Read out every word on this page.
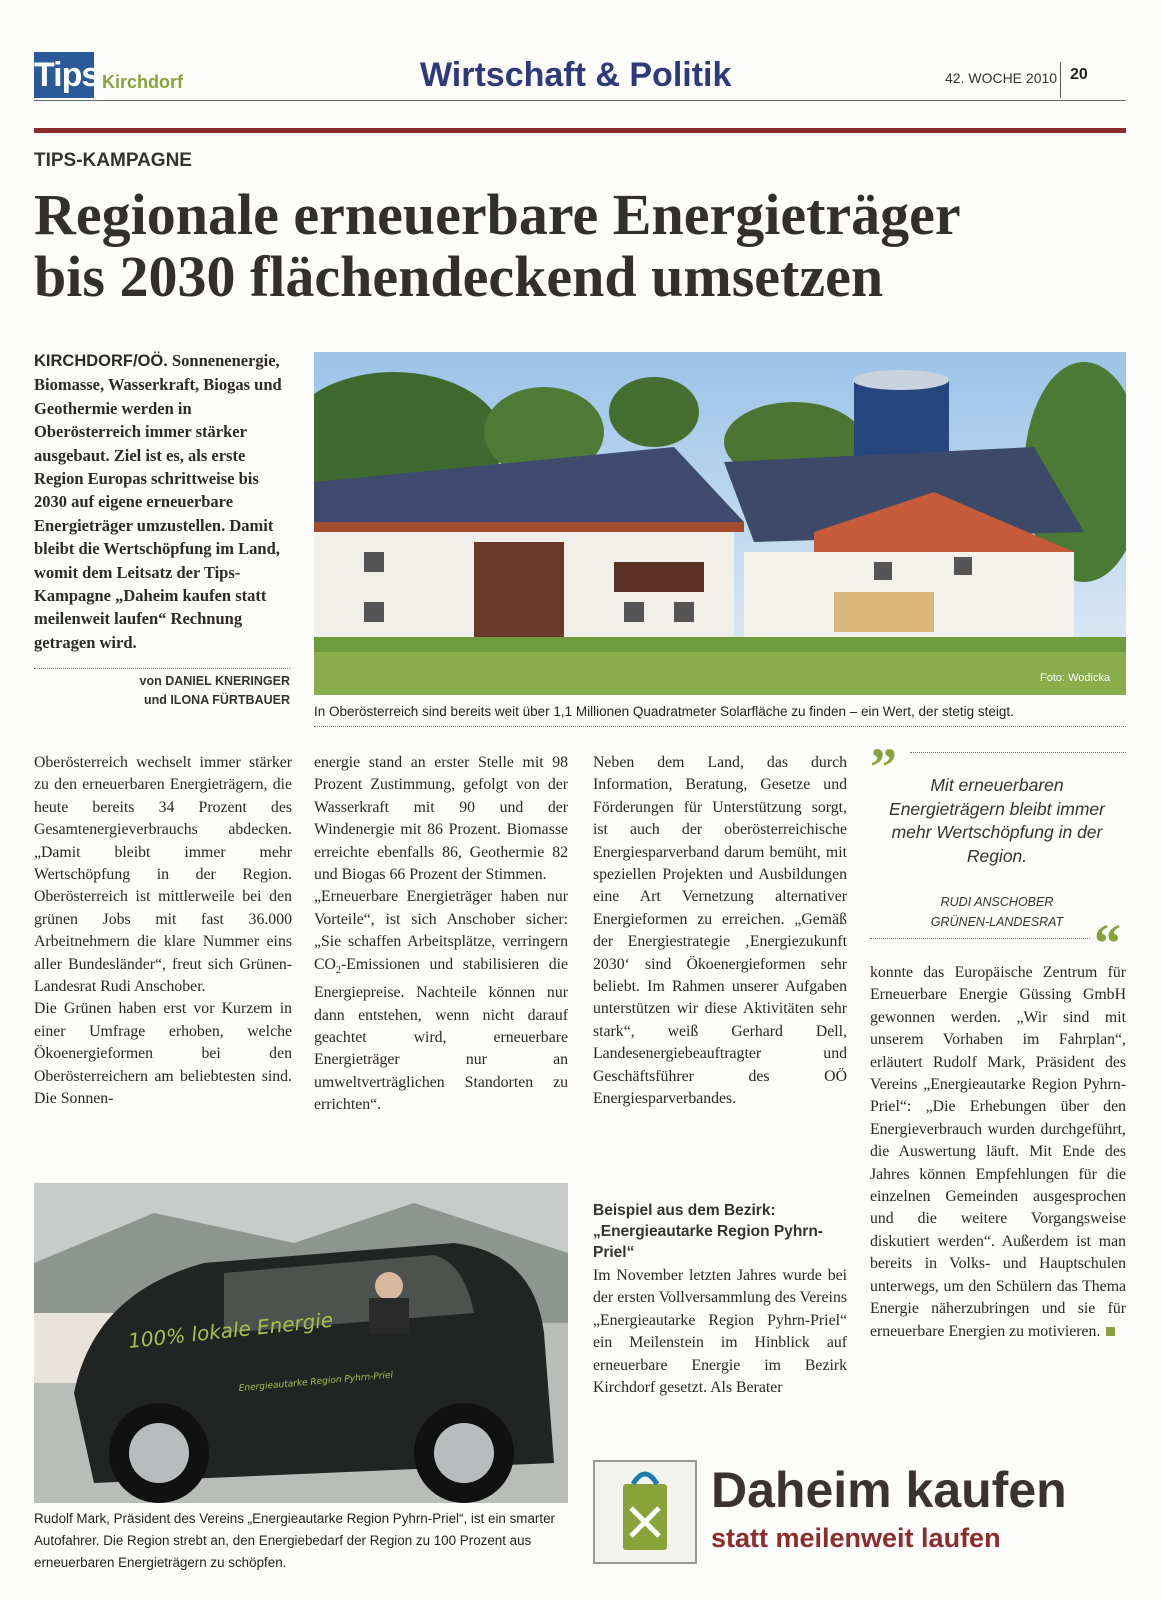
Tips Kirchdorf	Wirtschaft & Politik	42. WOCHE 2010 20
TIPS-KAMPAGNE
Regionale erneuerbare Energieträger
bis 2030 flächendeckend umsetzen
KIRCHDORF/OÖ. Sonnenenergie, Biomasse, Wasserkraft, Biogas und Geothermie werden in Oberösterreich immer stärker ausgebaut. Ziel ist es, als erste Region Europas schrittweise bis 2030 auf eigene erneuerbare Energieträger umzustellen. Damit bleibt die Wertschöpfung im Land, womit dem Leitsatz der Tips-Kampagne „Daheim kaufen statt meilenweit laufen“ Rechnung getragen wird.
von DANIEL KNERINGER
und ILONA FÜRTBAUER
Foto: Wodicka
In Oberösterreich sind bereits weit über 1,1 Millionen Quadratmeter Solarfläche zu finden – ein Wert, der stetig steigt.

Oberösterreich wechselt immer stärker zu den erneuerbaren Energieträgern, die heute bereits 34 Prozent des Gesamtenergieverbrauchs abdecken. „Damit bleibt immer mehr Wertschöpfung in der Region. Oberösterreich ist mittlerweile bei den grünen Jobs mit fast 36.000 Arbeitnehmern die klare Nummer eins aller Bundesländer“, freut sich Grünen-Landesrat Rudi Anschober.

Die Grünen haben erst vor Kurzem in einer Umfrage erhoben, welche Ökoenergieformen bei den Oberösterreichern am beliebtesten sind. Die Sonnen-

energie stand an erster Stelle mit 98 Prozent Zustimmung, gefolgt von der Wasserkraft mit 90 und der Windenergie mit 86 Prozent. Biomasse erreichte ebenfalls 86, Geothermie 82 und Biogas 66 Prozent der Stimmen.

„Erneuerbare Energieträger haben nur Vorteile“, ist sich Anschober sicher: „Sie schaffen Arbeitsplätze, verringern $CO_2$-Emissionen und stabilisieren die Energiepreise. Nachteile können nur dann entstehen, wenn nicht darauf geachtet wird, erneuerbare Energieträger nur an umweltverträglichen Standorten zu errichten“.

Neben dem Land, das durch Information, Beratung, Gesetze und Förderungen für Unterstützung sorgt, ist auch der oberösterreichische Energiesparverband darum bemüht, mit speziellen Projekten und Ausbildungen eine Art Vernetzung alternativer Energieformen zu erreichen. „Gemäß der Energiestrategie ‚Energiezukunft 2030‘ sind Ökoenergieformen sehr beliebt. Im Rahmen unserer Aufgaben unterstützen wir diese Aktivitäten sehr stark“, weiß Gerhard Dell, Landesenergiebeauftragter und Geschäftsführer des OÖ Energiesparverbandes.

Beispiel aus dem Bezirk: „Energieautarke Region Pyhrn-Priel“

Im November letzten Jahres wurde bei der ersten Vollversammlung des Vereins „Energieautarke Region Pyhrn-Priel“ ein Meilenstein im Hinblick auf erneuerbare Energie im Bezirk Kirchdorf gesetzt. Als Berater

”	Mit erneuerbaren Energieträgern bleibt immer mehr Wertschöpfung in der Region.
RUDI ANSCHOBER
GRÜNEN-LANDESRAT “

konnte das Europäische Zentrum für Erneuerbare Energie Güssing GmbH gewonnen werden. „Wir sind mit unserem Vorhaben im Fahrplan“, erläutert Rudolf Mark, Präsident des Vereins „Energieautarke Region Pyhrn-Priel“: „Die Erhebungen über den Energieverbrauch wurden durchgeführt, die Auswertung läuft. Mit Ende des Jahres können Empfehlungen für die einzelnen Gemeinden ausgesprochen und die weitere Vorgangsweise diskutiert werden“. Außerdem ist man bereits in Volks- und Hauptschulen unterwegs, um den Schülern das Thema Energie näherzubringen und sie für erneuerbare Energien zu motivieren.

100% lokale Energie
Energieautarke Region Pyhrn-Priel
Rudolf Mark, Präsident des Vereins „Energieautarke Region Pyhrn-Priel“, ist ein smarter Autofahrer. Die Region strebt an, den Energiebedarf der Region zu 100 Prozent aus erneuerbaren Energieträgern zu schöpfen.
Daheim kaufen
statt meilenweit laufen
